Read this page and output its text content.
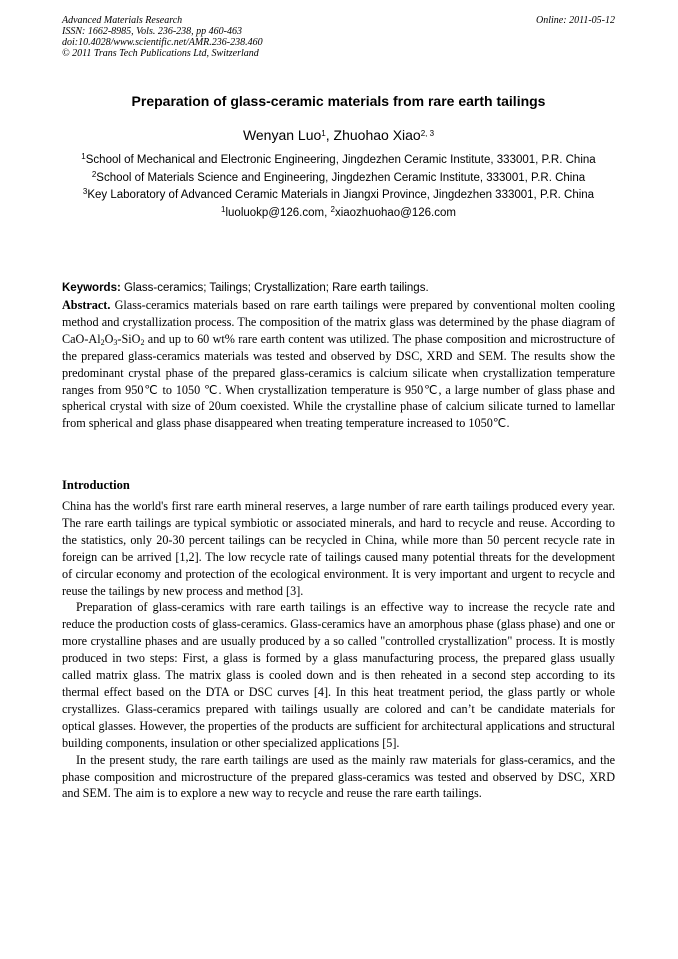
Advanced Materials Research
ISSN: 1662-8985, Vols. 236-238, pp 460-463
doi:10.4028/www.scientific.net/AMR.236-238.460
© 2011 Trans Tech Publications Ltd, Switzerland
Online: 2011-05-12
Preparation of glass-ceramic materials from rare earth tailings
Wenyan Luo$^1$, Zhuohao Xiao$^{2, 3}$

$^1$School of Mechanical and Electronic Engineering, Jingdezhen Ceramic Institute, 333001, P.R. China

$^2$School of Materials Science and Engineering, Jingdezhen Ceramic Institute, 333001, P.R. China

$^3$Key Laboratory of Advanced Ceramic Materials in Jiangxi Province, Jingdezhen 333001, P.R. China

$^1$luoluokp@126.com, $^2$xiaozhuohao@126.com

Keywords: Glass-ceramics; Tailings; Crystallization; Rare earth tailings.
Abstract. Glass-ceramics materials based on rare earth tailings were prepared by conventional molten cooling method and crystallization process. The composition of the matrix glass was determined by the phase diagram of CaO-$Al_2O_3-SiO_2$ and up to 60 wt% rare earth content was utilized. The phase composition and microstructure of the prepared glass-ceramics materials was tested and observed by DSC, XRD and SEM. The results show the predominant crystal phase of the prepared glass-ceramics is calcium silicate when crystallization temperature ranges from 950℃ to 1050 ℃. When crystallization temperature is 950℃, a large number of glass phase and spherical crystal with size of 20um coexisted. While the crystalline phase of calcium silicate turned to lamellar from spherical and glass phase disappeared when treating temperature increased to 1050℃.
Introduction

China has the world's first rare earth mineral reserves, a large number of rare earth tailings produced every year. The rare earth tailings are typical symbiotic or associated minerals, and hard to recycle and reuse. According to the statistics, only 20-30 percent tailings can be recycled in China, while more than 50 percent recycle rate in foreign can be arrived [1,2]. The low recycle rate of tailings caused many potential threats for the development of circular economy and protection of the ecological environment. It is very important and urgent to recycle and reuse the tailings by new process and method [3].

Preparation of glass-ceramics with rare earth tailings is an effective way to increase the recycle rate and reduce the production costs of glass-ceramics. Glass-ceramics have an amorphous phase (glass phase) and one or more crystalline phases and are usually produced by a so called "controlled crystallization" process. It is mostly produced in two steps: First, a glass is formed by a glass manufacturing process, the prepared glass usually called matrix glass. The matrix glass is cooled down and is then reheated in a second step according to its thermal effect based on the DTA or DSC curves [4]. In this heat treatment period, the glass partly or whole crystallizes. Glass-ceramics prepared with tailings usually are colored and can’t be candidate materials for optical glasses. However, the properties of the products are sufficient for architectural applications and structural building components, insulation or other specialized applications [5].

In the present study, the rare earth tailings are used as the mainly raw materials for glass-ceramics, and the phase composition and microstructure of the prepared glass-ceramics was tested and observed by DSC, XRD and SEM. The aim is to explore a new way to recycle and reuse the rare earth tailings.
